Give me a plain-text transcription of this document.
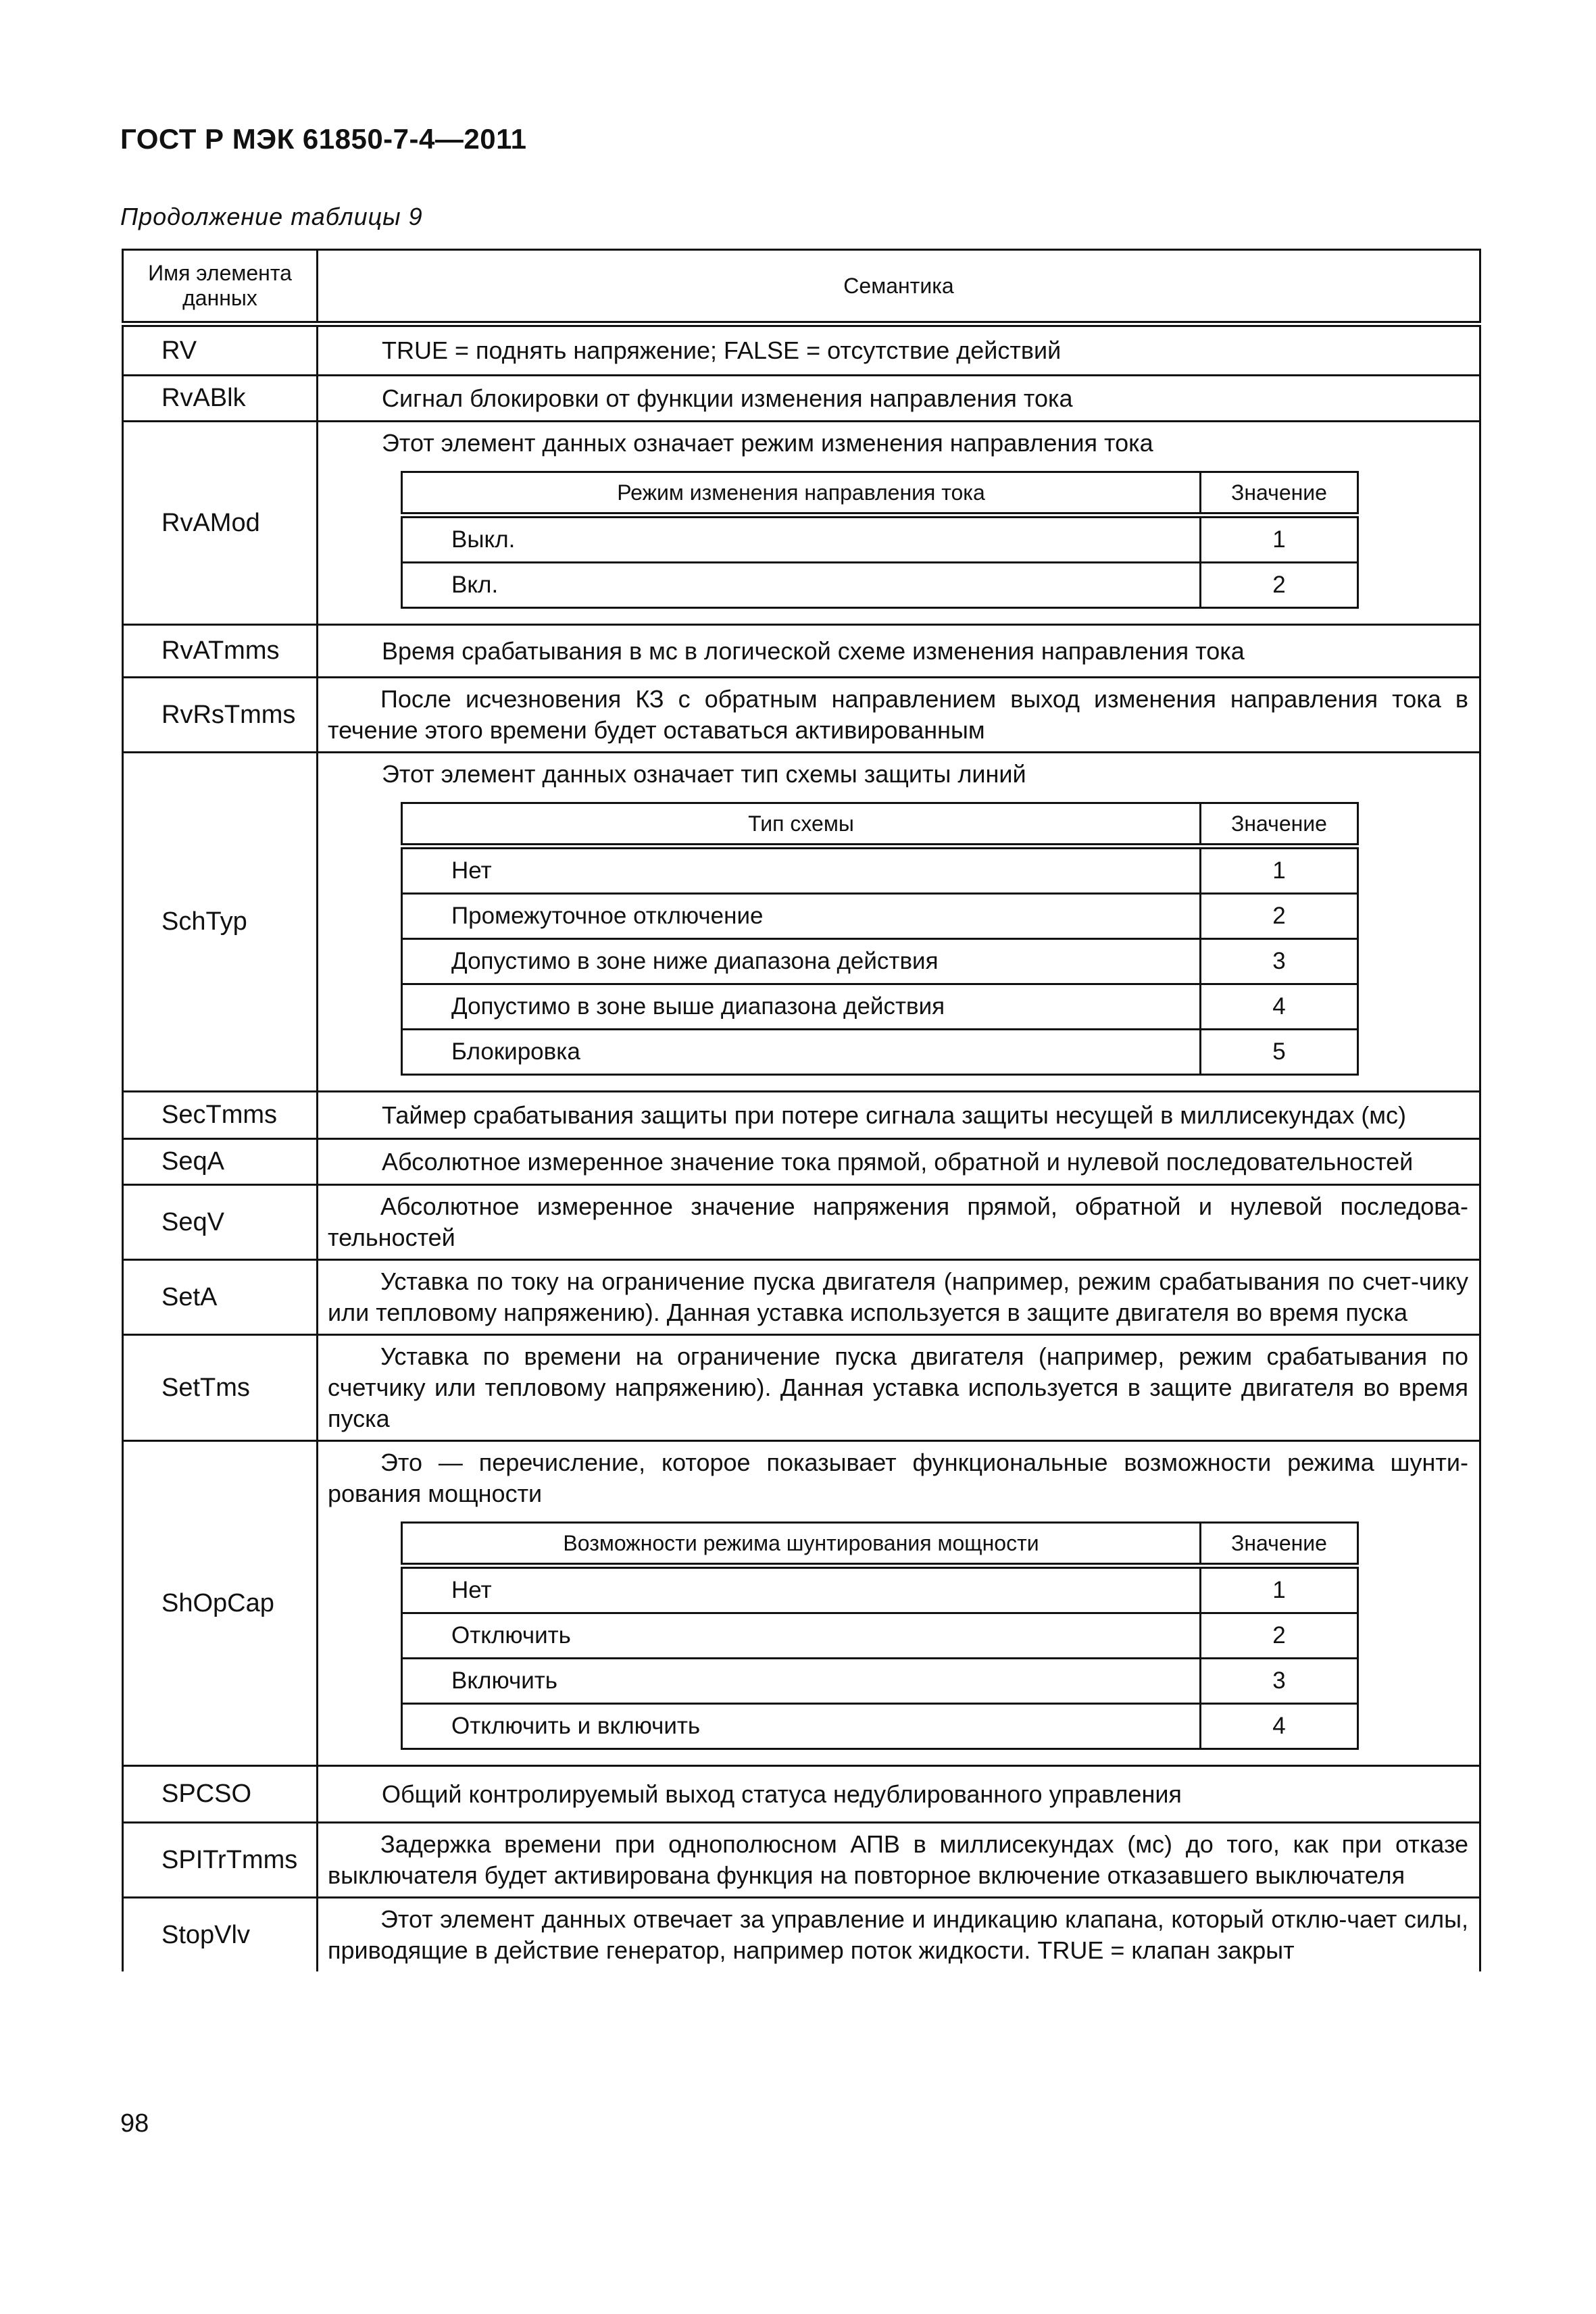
ГОСТ Р МЭК 61850-7-4—2011
Продолжение таблицы 9
Имя элемента данных	Семантика
RV	TRUE = поднять напряжение; FALSE = отсутствие действий

RvABlk	Сигнал блокировки от функции изменения направления тока

RvAMod	
Этот элемент данных означает режим изменения направления тока
Режим изменения направления тока	Значение
Выкл.	1
Вкл.	2

RvATmms	Время срабатывания в мс в логической схеме изменения направления тока

RvRsTmms	
После исчезновения КЗ с обратным направлением выход изменения направления тока в течение этого времени будет оставаться активированным

SchTyp	
Этот элемент данных означает тип схемы защиты линий
Тип схемы	Значение
Нет	1
Промежуточное отключение	2
Допустимо в зоне ниже диапазона действия	3
Допустимо в зоне выше диапазона действия	4
Блокировка	5

SecTmms	Таймер срабатывания защиты при потере сигнала защиты несущей в миллисекундах (мс)

SeqA	Абсолютное измеренное значение тока прямой, обратной и нулевой последовательностей

SeqV	
Абсолютное измеренное значение напряжения прямой, обратной и нулевой последова-тельностей

SetA	
Уставка по току на ограничение пуска двигателя (например, режим срабатывания по счет-чику или тепловому напряжению). Данная уставка используется в защите двигателя во время пуска

SetTms	
Уставка по времени на ограничение пуска двигателя (например, режим срабатывания по счетчику или тепловому напряжению). Данная уставка используется в защите двигателя во время пуска

ShOpCap	
Это — перечисление, которое показывает функциональные возможности режима шунти-рования мощности
Возможности режима шунтирования мощности	Значение
Нет	1
Отключить	2
Включить	3
Отключить и включить	4

SPCSO	Общий контролируемый выход статуса недублированного управления

SPITrTmms	
Задержка времени при однополюсном АПВ в миллисекундах (мс) до того, как при отказе выключателя будет активирована функция на повторное включение отказавшего выключателя

StopVlv	
Этот элемент данных отвечает за управление и индикацию клапана, который отклю-чает силы, приводящие в действие генератор, например поток жидкости. TRUE = клапан закрыт
98
